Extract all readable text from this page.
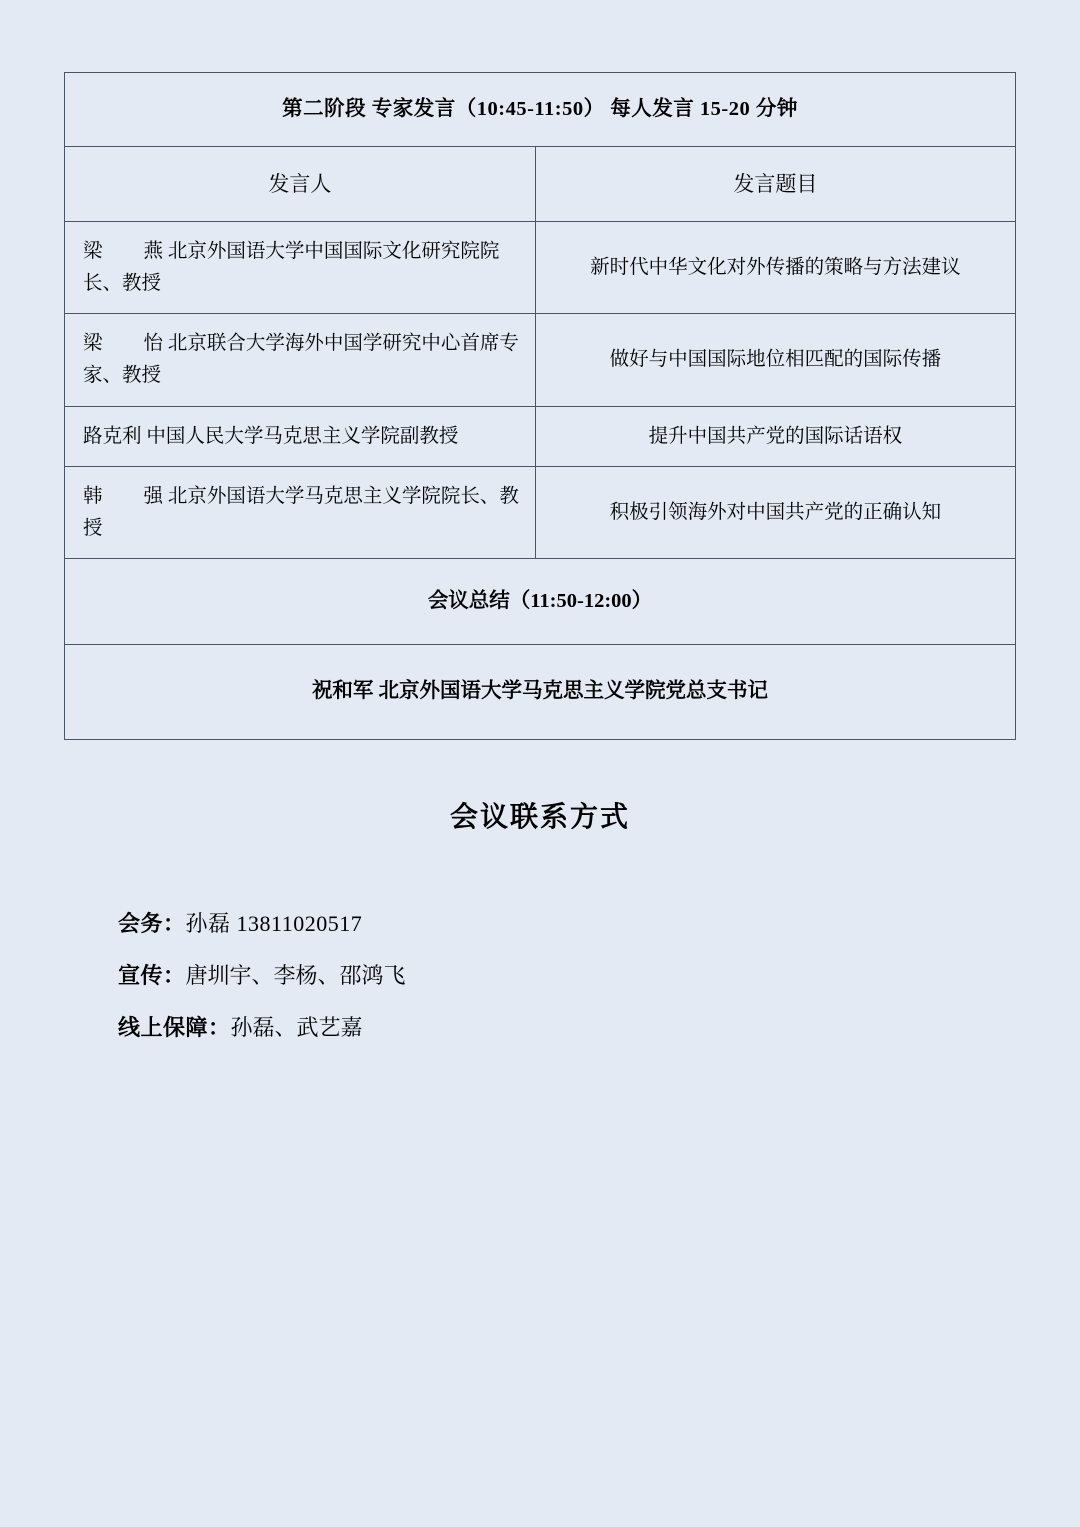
第二阶段 专家发言（10:45-11:50） 每人发言 15-20 分钟	
发言人	发言题目
梁 燕 北京外国语大学中国国际文化研究院院长、教授	新时代中华文化对外传播的策略与方法建议
梁 怡 北京联合大学海外中国学研究中心首席专家、教授	做好与中国国际地位相匹配的国际传播
路克利 中国人民大学马克思主义学院副教授	提升中国共产党的国际话语权
韩 强 北京外国语大学马克思主义学院院长、教授	积极引领海外对中国共产党的正确认知
会议总结（11:50-12:00）	
祝和军 北京外国语大学马克思主义学院党总支书记	
会议联系方式
会务：孙磊 13811020517
宣传：唐圳宇、李杨、邵鸿飞
线上保障：孙磊、武艺嘉
